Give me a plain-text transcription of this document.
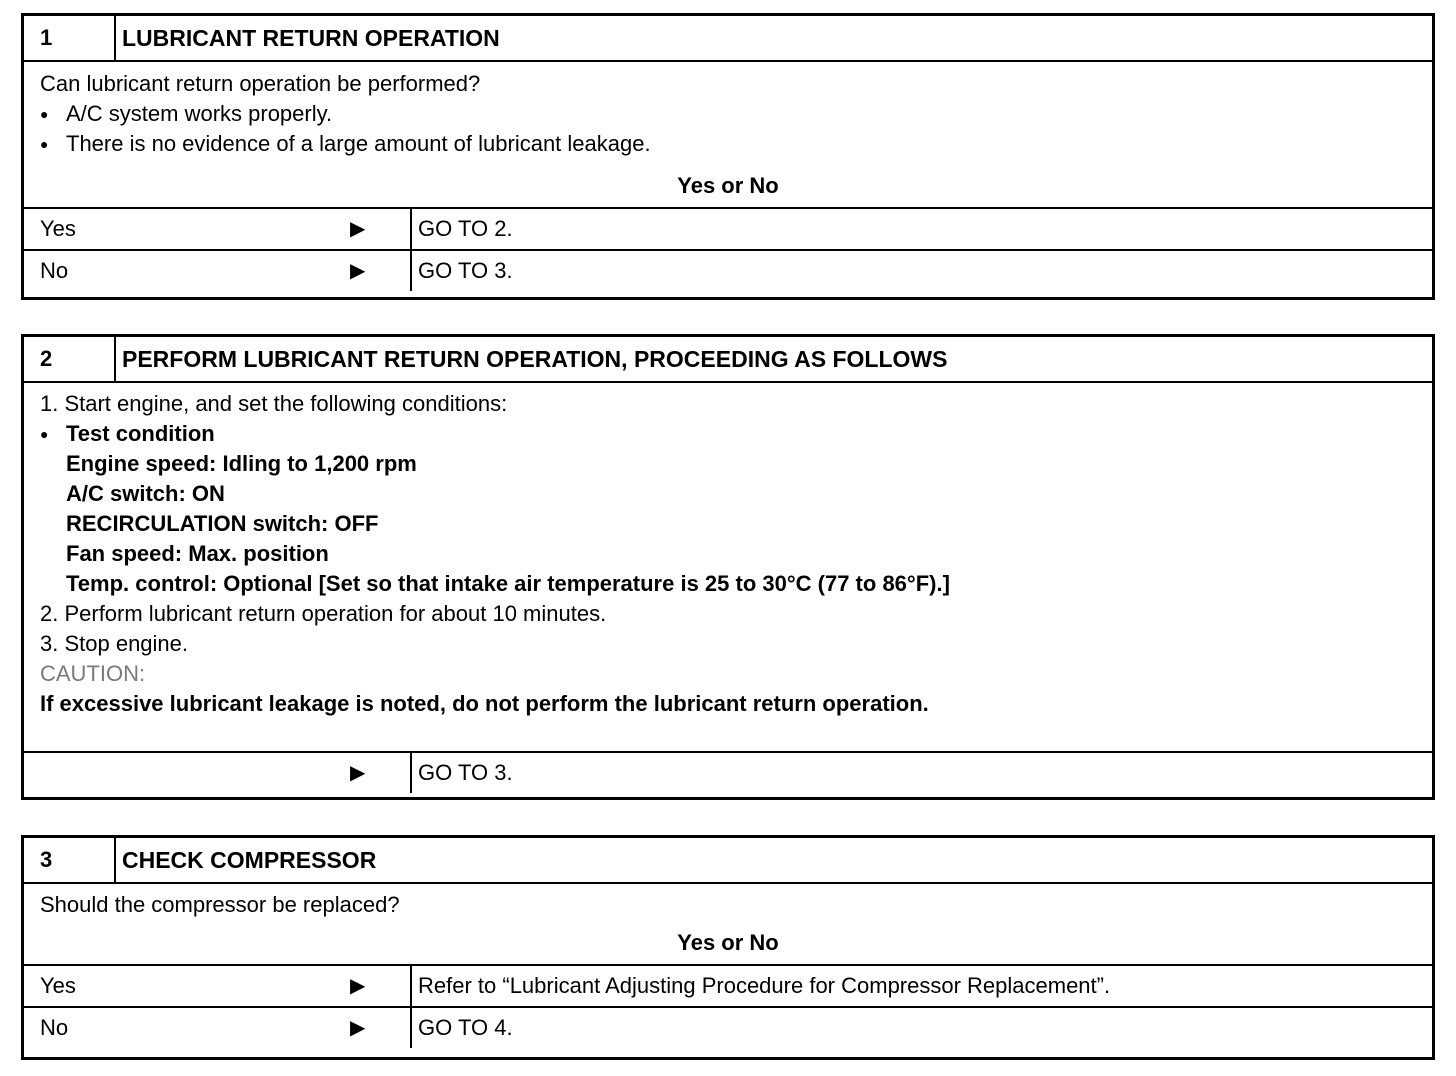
1	LUBRICANT RETURN OPERATION
Can lubricant return operation be performed?
● A/C system works properly.
● There is no evidence of a large amount of lubricant leakage.
Yes or No
Yes	▶ GO TO 2.
No	▶ GO TO 3.
2	PERFORM LUBRICANT RETURN OPERATION, PROCEEDING AS FOLLOWS
1. Start engine, and set the following conditions:
● Test condition
Engine speed: Idling to 1,200 rpm
A/C switch: ON
RECIRCULATION switch: OFF
Fan speed: Max. position
Temp. control: Optional [Set so that intake air temperature is 25 to 30°C (77 to 86°F).]
2. Perform lubricant return operation for about 10 minutes.
3. Stop engine.
CAUTION:
If excessive lubricant leakage is noted, do not perform the lubricant return operation.
▶ GO TO 3.
3	CHECK COMPRESSOR
Should the compressor be replaced?
Yes or No
Yes	▶ Refer to “Lubricant Adjusting Procedure for Compressor Replacement”.
No	▶ GO TO 4.
